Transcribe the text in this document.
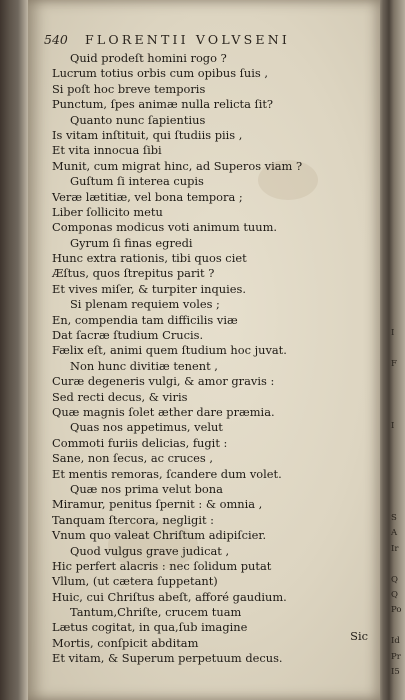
540 FLORENTII VOLVSENI
Quid prodeſt homini rogo ?
Lucrum totius orbis cum opibus ſuis ,
Si poſt hoc breve temporis
Punctum, ſpes animæ nulla relicta ſit?
Quanto nunc ſapientius
Is vitam inſtituit, qui ſtudiis piis ,
Et vita innocua ſibi
Munit, cum migrat hinc, ad Superos viam ?
Guſtum ſi interea cupis
Veræ lætitiæ, vel bona tempora ;
Liber ſollicito metu
Componas modicus voti animum tuum.
Gyrum ſi finas egredi
Hunc extra rationis, tibi quos ciet
Æſtus, quos ſtrepitus parit ?
Et vives miſer, & turpiter inquies.
Si plenam requiem voles ;
En, compendia tam difficilis viæ
Dat ſacræ ſtudium Crucis.
Fælix eſt, animi quem ſtudium hoc juvat.
Non hunc divitiæ tenent ,
Curæ degeneris vulgi, & amor gravis :
Sed recti decus, & viris
Quæ magnis ſolet æther dare præmia.
Quas nos appetimus, velut
Commoti furiis delicias, fugit :
Sane, non ſecus, ac cruces ,
Et mentis remoras, ſcandere dum volet.
Quæ nos prima velut bona
Miramur, penitus ſpernit : & omnia ,
Tanquam ſtercora, negligit :
Vnum quo valeat Chriſtum adipiſcier.
Quod vulgus grave judicat ,
Hic perfert alacris : nec ſolidum putat
Vllum, (ut cætera ſuppetant)
Huic, cui Chriſtus abeſt, afforé gaudium.
Tantum,Chriſte, crucem tuam
Lætus cogitat, in qua,ſub imagine
Mortis, conſpicit abditam
Et vitam, & Superum perpetuum decus.
Sic
I
F
I
S
A
Ir
Q
Q
Po
Id
Pr
I5
